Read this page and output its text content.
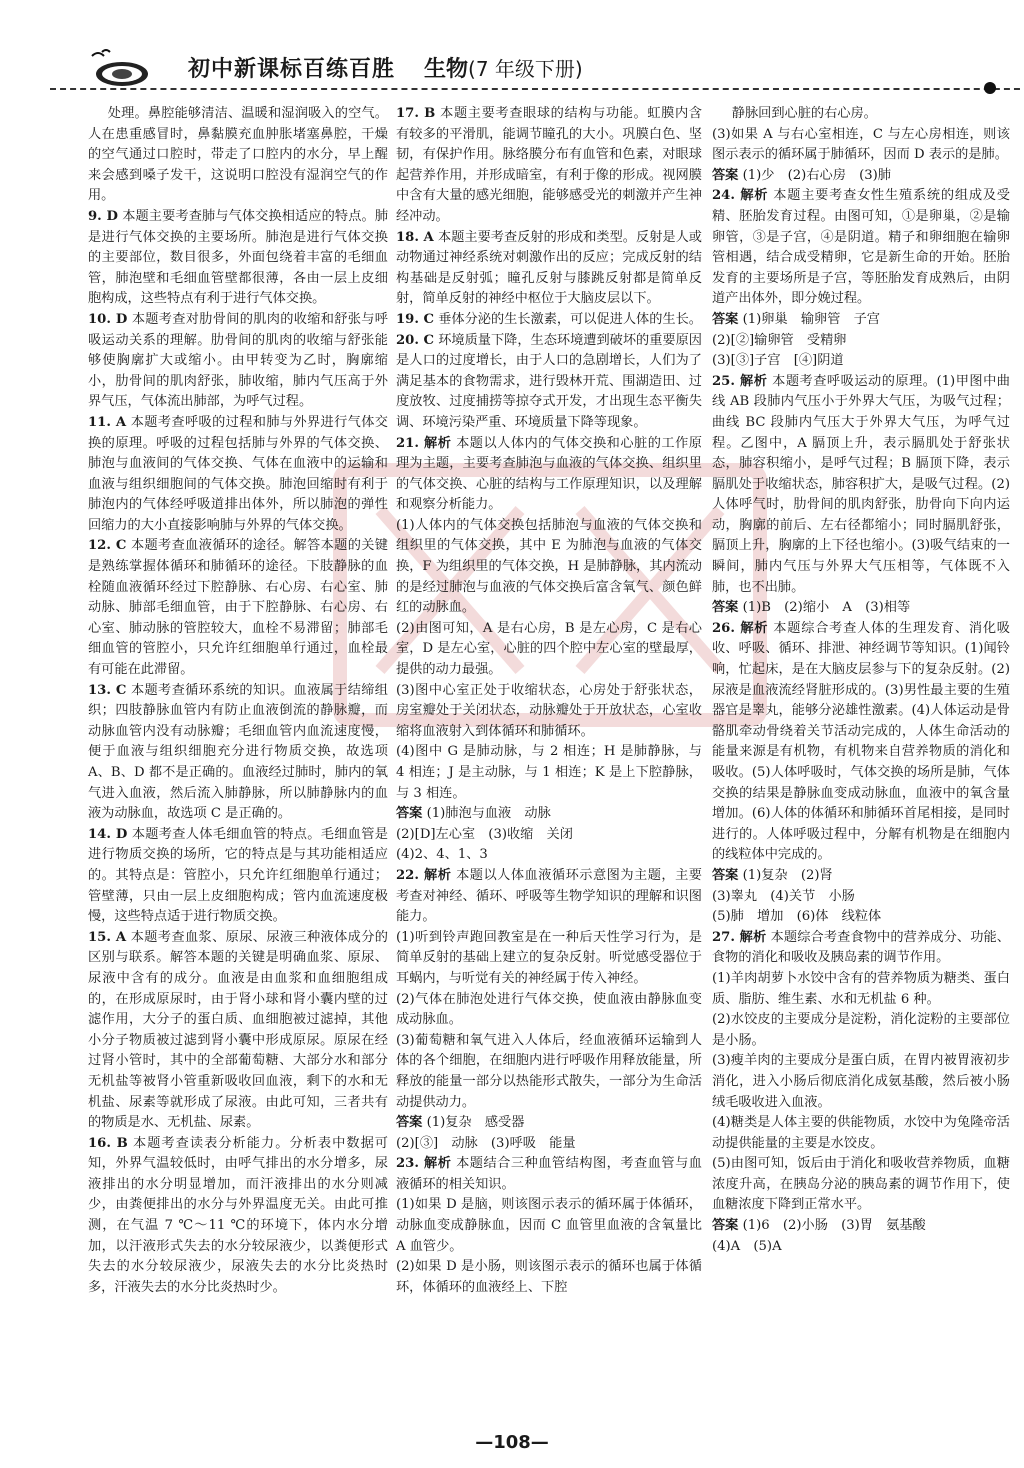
初中新课标百练百胜 生物(7 年级下册)

处理。鼻腔能够清洁、温暖和湿润吸入的空气。人在患重感冒时，鼻黏膜充血肿胀堵塞鼻腔，干燥的空气通过口腔时，带走了口腔内的水分，早上醒来会感到嗓子发干，这说明口腔没有湿润空气的作用。

9. D 本题主要考查肺与气体交换相适应的特点。肺是进行气体交换的主要场所。肺泡是进行气体交换的主要部位，数目很多，外面包绕着丰富的毛细血管，肺泡壁和毛细血管壁都很薄，各由一层上皮细胞构成，这些特点有利于进行气体交换。

10. D 本题考查对肋骨间的肌肉的收缩和舒张与呼吸运动关系的理解。肋骨间的肌肉的收缩与舒张能够使胸廓扩大或缩小。由甲转变为乙时，胸廓缩小，肋骨间的肌肉舒张，肺收缩，肺内气压高于外界气压，气体流出肺部，为呼气过程。

11. A 本题考查呼吸的过程和肺与外界进行气体交换的原理。呼吸的过程包括肺与外界的气体交换、肺泡与血液间的气体交换、气体在血液中的运输和血液与组织细胞间的气体交换。肺泡回缩时有利于肺泡内的气体经呼吸道排出体外，所以肺泡的弹性回缩力的大小直接影响肺与外界的气体交换。

12. C 本题考查血液循环的途径。解答本题的关键是熟练掌握体循环和肺循环的途径。下肢静脉的血栓随血液循环经过下腔静脉、右心房、右心室、肺动脉、肺部毛细血管，由于下腔静脉、右心房、右心室、肺动脉的管腔较大，血栓不易滞留；肺部毛细血管的管腔小，只允许红细胞单行通过，血栓最有可能在此滞留。

13. C 本题考查循环系统的知识。血液属于结缔组织；四肢静脉血管内有防止血液倒流的静脉瓣，而动脉血管内没有动脉瓣；毛细血管内血流速度慢，便于血液与组织细胞充分进行物质交换，故选项 A、B、D 都不是正确的。血液经过肺时，肺内的氧气进入血液，然后流入肺静脉，所以肺静脉内的血液为动脉血，故选项 C 是正确的。

14. D 本题考查人体毛细血管的特点。毛细血管是进行物质交换的场所，它的特点是与其功能相适应的。其特点是：管腔小，只允许红细胞单行通过；管壁薄，只由一层上皮细胞构成；管内血流速度极慢，这些特点适于进行物质交换。

15. A 本题考查血浆、原尿、尿液三种液体成分的区别与联系。解答本题的关键是明确血浆、原尿、尿液中含有的成分。血液是由血浆和血细胞组成的，在形成原尿时，由于肾小球和肾小囊内壁的过滤作用，大分子的蛋白质、血细胞被过滤掉，其他小分子物质被过滤到肾小囊中形成原尿。原尿在经过肾小管时，其中的全部葡萄糖、大部分水和部分无机盐等被肾小管重新吸收回血液，剩下的水和无机盐、尿素等就形成了尿液。由此可知，三者共有的物质是水、无机盐、尿素。

16. B 本题考查读表分析能力。分析表中数据可知，外界气温较低时，由呼气排出的水分增多，尿液排出的水分明显增加，而汗液排出的水分则减少，由粪便排出的水分与外界温度无关。由此可推测，在气温 7 ℃～11 ℃的环境下，体内水分增加，以汗液形式失去的水分较尿液少，以粪便形式失去的水分较尿液少，尿液失去的水分比炎热时多，汗液失去的水分比炎热时少。

17. B 本题主要考查眼球的结构与功能。虹膜内含有较多的平滑肌，能调节瞳孔的大小。巩膜白色、坚韧，有保护作用。脉络膜分布有血管和色素，对眼球起营养作用，并形成暗室，有利于像的形成。视网膜中含有大量的感光细胞，能够感受光的刺激并产生神经冲动。

18. A 本题主要考查反射的形成和类型。反射是人或动物通过神经系统对刺激作出的反应；完成反射的结构基础是反射弧；瞳孔反射与膝跳反射都是简单反射，简单反射的神经中枢位于大脑皮层以下。

19. C 垂体分泌的生长激素，可以促进人体的生长。

20. C 环境质量下降，生态环境遭到破坏的重要原因是人口的过度增长，由于人口的急剧增长，人们为了满足基本的食物需求，进行毁林开荒、围湖造田、过度放牧、过度捕捞等掠夺式开发，才出现生态平衡失调、环境污染严重、环境质量下降等现象。

21. 解析 本题以人体内的气体交换和心脏的工作原理为主题，主要考查肺泡与血液的气体交换、组织里的气体交换、心脏的结构与工作原理知识，以及理解和观察分析能力。

(1)人体内的气体交换包括肺泡与血液的气体交换和组织里的气体交换，其中 E 为肺泡与血液的气体交换，F 为组织里的气体交换，H 是肺静脉，其内流动的是经过肺泡与血液的气体交换后富含氧气、颜色鲜红的动脉血。

(2)由图可知，A 是右心房，B 是左心房，C 是右心室，D 是左心室，心脏的四个腔中左心室的壁最厚，提供的动力最强。

(3)图中心室正处于收缩状态，心房处于舒张状态，房室瓣处于关闭状态，动脉瓣处于开放状态，心室收缩将血液射入到体循环和肺循环。

(4)图中 G 是肺动脉，与 2 相连；H 是肺静脉，与 4 相连；J 是主动脉，与 1 相连；K 是上下腔静脉，与 3 相连。

答案 (1)肺泡与血液　动脉

(2)[D]左心室　(3)收缩　关闭

(4)2、4、1、3

22. 解析 本题以人体血液循环示意图为主题，主要考查对神经、循环、呼吸等生物学知识的理解和识图能力。

(1)听到铃声跑回教室是在一种后天性学习行为，是简单反射的基础上建立的复杂反射。听觉感受器位于耳蜗内，与听觉有关的神经属于传入神经。

(2)气体在肺泡处进行气体交换，使血液由静脉血变成动脉血。

(3)葡萄糖和氧气进入人体后，经血液循环运输到人体的各个细胞，在细胞内进行呼吸作用释放能量，所释放的能量一部分以热能形式散失，一部分为生命活动提供动力。

答案 (1)复杂　感受器

(2)[③]　动脉　(3)呼吸　能量

23. 解析 本题结合三种血管结构图，考查血管与血液循环的相关知识。

(1)如果 D 是脑，则该图示表示的循环属于体循环，动脉血变成静脉血，因而 C 血管里血液的含氧量比 A 血管少。

(2)如果 D 是小肠，则该图示表示的循环也属于体循环，体循环的血液经上、下腔

静脉回到心脏的右心房。

(3)如果 A 与右心室相连，C 与左心房相连，则该图示表示的循环属于肺循环，因而 D 表示的是肺。

答案 (1)少　(2)右心房　(3)肺

24. 解析 本题主要考查女性生殖系统的组成及受精、胚胎发育过程。由图可知，①是卵巢，②是输卵管，③是子宫，④是阴道。精子和卵细胞在输卵管相遇，结合成受精卵，它是新生命的开始。胚胎发育的主要场所是子宫，等胚胎发育成熟后，由阴道产出体外，即分娩过程。

答案 (1)卵巢　输卵管　子宫

(2)[②]输卵管　受精卵

(3)[③]子宫　[④]阴道

25. 解析 本题考查呼吸运动的原理。(1)甲图中曲线 AB 段肺内气压小于外界大气压，为吸气过程；曲线 BC 段肺内气压大于外界大气压，为呼气过程。乙图中，A 膈顶上升，表示膈肌处于舒张状态，肺容积缩小，是呼气过程；B 膈顶下降，表示膈肌处于收缩状态，肺容积扩大，是吸气过程。(2)人体呼气时，肋骨间的肌肉舒张，肋骨向下向内运动，胸廓的前后、左右径都缩小；同时膈肌舒张，膈顶上升，胸廓的上下径也缩小。(3)吸气结束的一瞬间，肺内气压与外界大气压相等，气体既不入肺，也不出肺。

答案 (1)B　(2)缩小　A　(3)相等

26. 解析 本题综合考查人体的生理发育、消化吸收、呼吸、循环、排泄、神经调节等知识。(1)闻铃响，忙起床，是在大脑皮层参与下的复杂反射。(2)尿液是血液流经肾脏形成的。(3)男性最主要的生殖器官是睾丸，能够分泌雄性激素。(4)人体运动是骨骼肌牵动骨绕着关节活动完成的，人体生命活动的能量来源是有机物，有机物来自营养物质的消化和吸收。(5)人体呼吸时，气体交换的场所是肺，气体交换的结果是静脉血变成动脉血，血液中的氧含量增加。(6)人体的体循环和肺循环首尾相接，是同时进行的。人体呼吸过程中，分解有机物是在细胞内的线粒体中完成的。

答案 (1)复杂　(2)肾

(3)睾丸　(4)关节　小肠

(5)肺　增加　(6)体　线粒体

27. 解析 本题综合考查食物中的营养成分、功能、食物的消化和吸收及胰岛素的调节作用。

(1)羊肉胡萝卜水饺中含有的营养物质为糖类、蛋白质、脂肪、维生素、水和无机盐 6 种。

(2)水饺皮的主要成分是淀粉，消化淀粉的主要部位是小肠。

(3)瘦羊肉的主要成分是蛋白质，在胃内被胃液初步消化，进入小肠后彻底消化成氨基酸，然后被小肠绒毛吸收进入血液。

(4)糖类是人体主要的供能物质，水饺中为兔隆帝活动提供能量的主要是水饺皮。

(5)由图可知，饭后由于消化和吸收营养物质，血糖浓度升高，在胰岛分泌的胰岛素的调节作用下，使血糖浓度下降到正常水平。

答案 (1)6　(2)小肠　(3)胃　氨基酸

(4)A　(5)A

—108—
